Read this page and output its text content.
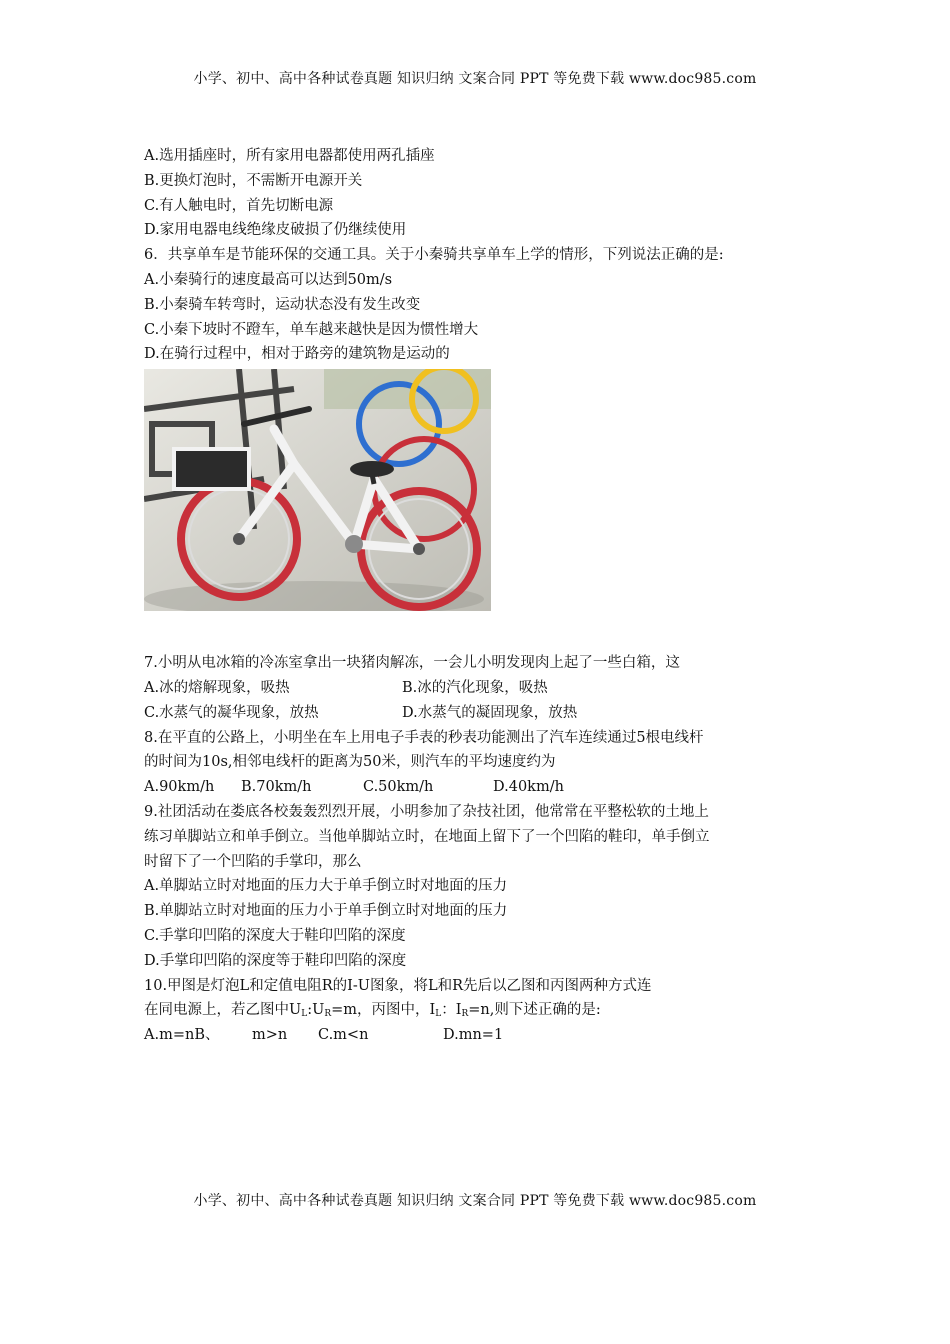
小学、初中、高中各种试卷真题 知识归纳 文案合同 PPT 等免费下载 www.doc985.com
A.选用插座时，所有家用电器都使用两孔插座
B.更换灯泡时，不需断开电源开关
C.有人触电时，首先切断电源
D.家用电器电线绝缘皮破损了仍继续使用
6．共享单车是节能环保的交通工具。关于小秦骑共享单车上学的情形，下列说法正确的是:
A.小秦骑行的速度最高可以达到50m/s
B.小秦骑车转弯时，运动状态没有发生改变
C.小秦下坡时不蹬车，单车越来越快是因为惯性增大
D.在骑行过程中，相对于路旁的建筑物是运动的
7.小明从电冰箱的冷冻室拿出一块猪肉解冻，一会儿小明发现肉上起了一些白箱，这
A.冰的熔解现象，吸热	B.冰的汽化现象，吸热
C.水蒸气的凝华现象，放热	D.水蒸气的凝固现象，放热
8.在平直的公路上，小明坐在车上用电子手表的秒表功能测出了汽车连续通过5根电线杆
的时间为10s,相邻电线杆的距离为50米，则汽车的平均速度约为
A.90km/h	B.70km/h	C.50km/h	D.40km/h
9.社团活动在娄底各校轰轰烈烈开展，小明参加了杂技社团，他常常在平整松软的土地上
练习单脚站立和单手倒立。当他单脚站立时，在地面上留下了一个凹陷的鞋印，单手倒立
时留下了一个凹陷的手掌印，那么
A.单脚站立时对地面的压力大于单手倒立时对地面的压力
B.单脚站立时对地面的压力小于单手倒立时对地面的压力
C.手掌印凹陷的深度大于鞋印凹陷的深度
D.手掌印凹陷的深度等于鞋印凹陷的深度
10.甲图是灯泡L和定值电阻R的I-U图象，将L和R先后以乙图和丙图两种方式连
在同电源上，若乙图中$U_L:U_R=m$，丙图中，$I_L$：$I_R=n$,则下述正确的是:
A.m=nB、	m>n	C.m<n	D.mn=1
小学、初中、高中各种试卷真题 知识归纳 文案合同 PPT 等免费下载 www.doc985.com
